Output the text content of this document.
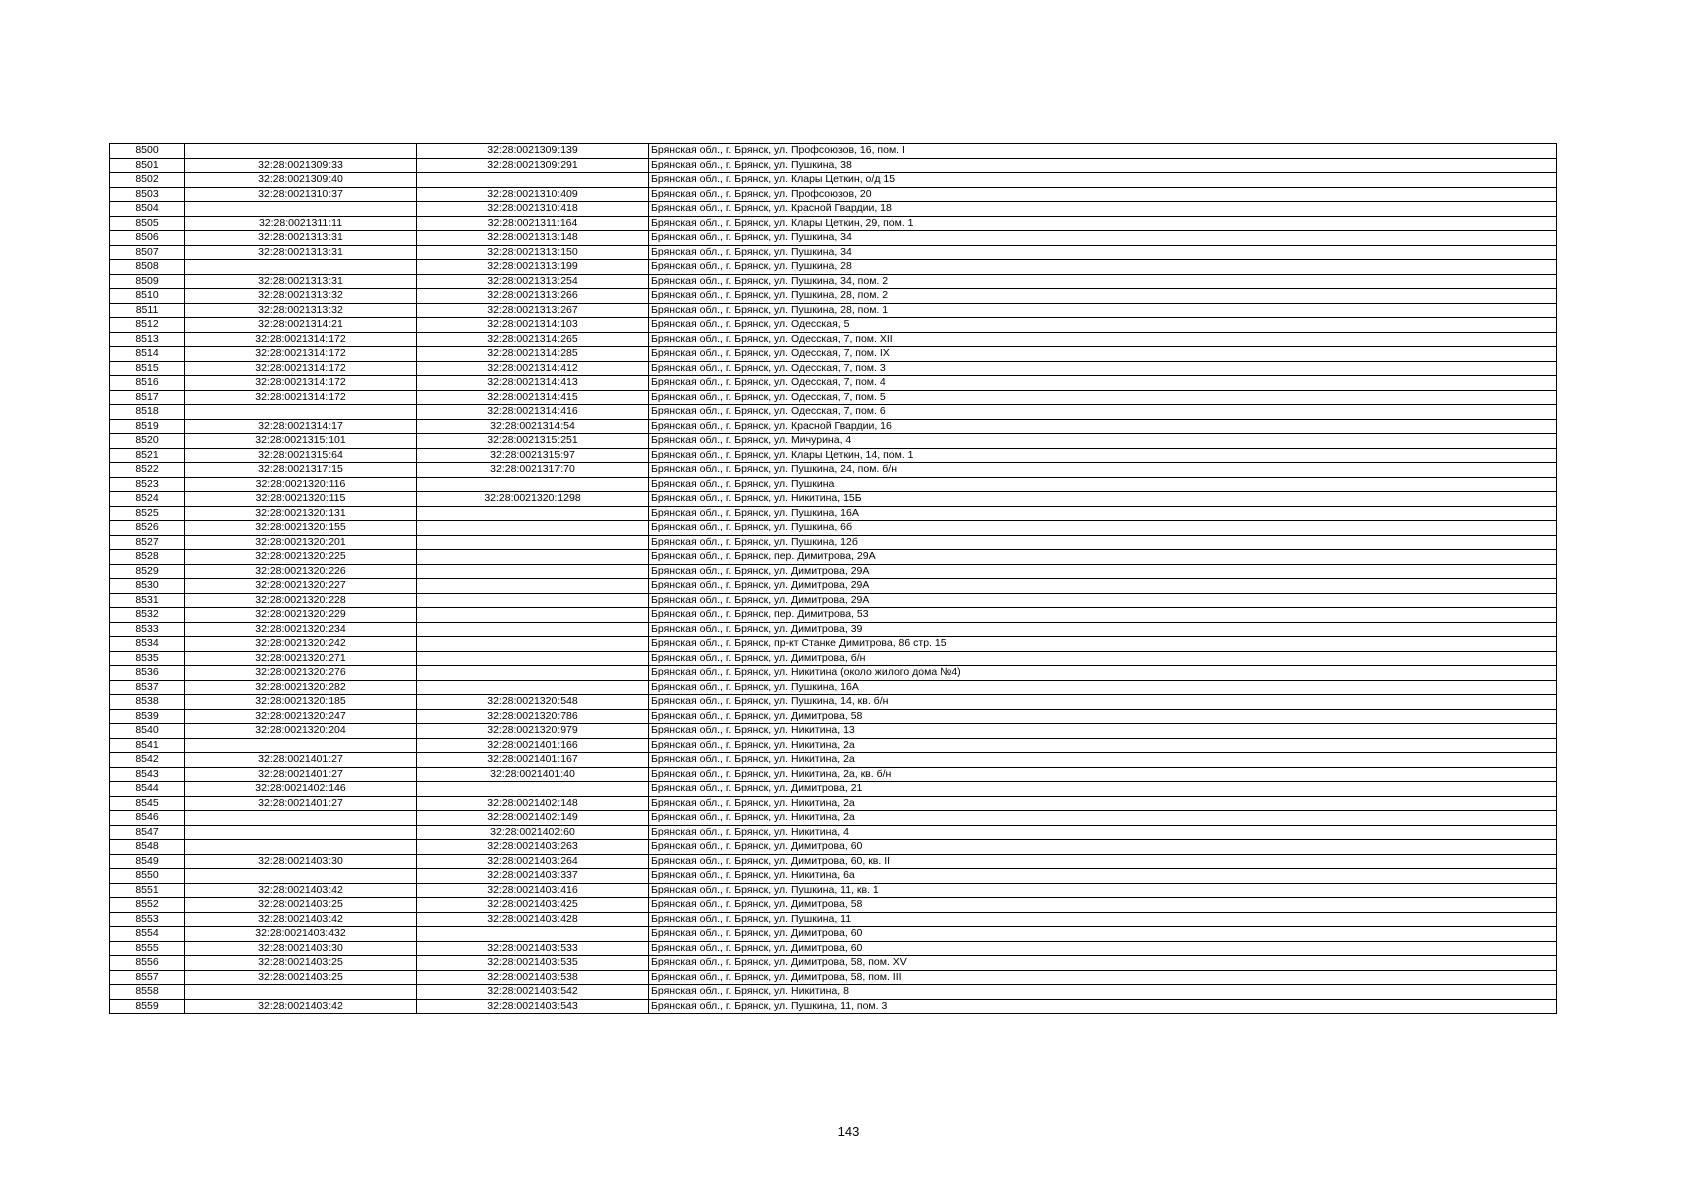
8500		32:28:0021309:139	Брянская обл., г. Брянск, ул. Профсоюзов, 16, пом. I
8501	32:28:0021309:33	32:28:0021309:291	Брянская обл., г. Брянск, ул. Пушкина, 38
8502	32:28:0021309:40		Брянская обл., г. Брянск, ул. Клары Цеткин, о/д 15
8503	32:28:0021310:37	32:28:0021310:409	Брянская обл., г. Брянск, ул. Профсоюзов, 20
8504		32:28:0021310:418	Брянская обл., г. Брянск, ул. Красной Гвардии, 18
8505	32:28:0021311:11	32:28:0021311:164	Брянская обл., г. Брянск, ул. Клары Цеткин, 29, пом. 1
8506	32:28:0021313:31	32:28:0021313:148	Брянская обл., г. Брянск, ул. Пушкина, 34
8507	32:28:0021313:31	32:28:0021313:150	Брянская обл., г. Брянск, ул. Пушкина, 34
8508		32:28:0021313:199	Брянская обл., г. Брянск, ул. Пушкина, 28
8509	32:28:0021313:31	32:28:0021313:254	Брянская обл., г. Брянск, ул. Пушкина, 34, пом. 2
8510	32:28:0021313:32	32:28:0021313:266	Брянская обл., г. Брянск, ул. Пушкина, 28, пом. 2
8511	32:28:0021313:32	32:28:0021313:267	Брянская обл., г. Брянск, ул. Пушкина, 28, пом. 1
8512	32:28:0021314:21	32:28:0021314:103	Брянская обл., г. Брянск, ул. Одесская, 5
8513	32:28:0021314:172	32:28:0021314:265	Брянская обл., г. Брянск, ул. Одесская, 7, пом. XII
8514	32:28:0021314:172	32:28:0021314:285	Брянская обл., г. Брянск, ул. Одесская, 7, пом. IX
8515	32:28:0021314:172	32:28:0021314:412	Брянская обл., г. Брянск, ул. Одесская, 7, пом. 3
8516	32:28:0021314:172	32:28:0021314:413	Брянская обл., г. Брянск, ул. Одесская, 7, пом. 4
8517	32:28:0021314:172	32:28:0021314:415	Брянская обл., г. Брянск, ул. Одесская, 7, пом. 5
8518		32:28:0021314:416	Брянская обл., г. Брянск, ул. Одесская, 7, пом. 6
8519	32:28:0021314:17	32:28:0021314:54	Брянская обл., г. Брянск, ул. Красной Гвардии, 16
8520	32:28:0021315:101	32:28:0021315:251	Брянская обл., г. Брянск, ул. Мичурина, 4
8521	32:28:0021315:64	32:28:0021315:97	Брянская обл., г. Брянск, ул. Клары Цеткин, 14, пом. 1
8522	32:28:0021317:15	32:28:0021317:70	Брянская обл., г. Брянск, ул. Пушкина, 24, пом. б/н
8523	32:28:0021320:116		Брянская обл., г. Брянск, ул. Пушкина
8524	32:28:0021320:115	32:28:0021320:1298	Брянская обл., г. Брянск, ул. Никитина, 15Б
8525	32:28:0021320:131		Брянская обл., г. Брянск, ул. Пушкина, 16А
8526	32:28:0021320:155		Брянская обл., г. Брянск, ул. Пушкина, 6б
8527	32:28:0021320:201		Брянская обл., г. Брянск, ул. Пушкина, 12б
8528	32:28:0021320:225		Брянская обл., г. Брянск, пер. Димитрова, 29А
8529	32:28:0021320:226		Брянская обл., г. Брянск, ул. Димитрова, 29А
8530	32:28:0021320:227		Брянская обл., г. Брянск, ул. Димитрова, 29А
8531	32:28:0021320:228		Брянская обл., г. Брянск, ул. Димитрова, 29А
8532	32:28:0021320:229		Брянская обл., г. Брянск, пер. Димитрова, 53
8533	32:28:0021320:234		Брянская обл., г. Брянск, ул. Димитрова, 39
8534	32:28:0021320:242		Брянская обл., г. Брянск, пр-кт Станке Димитрова, 86 стр. 15
8535	32:28:0021320:271		Брянская обл., г. Брянск, ул. Димитрова, б/н
8536	32:28:0021320:276		Брянская обл., г. Брянск, ул. Никитина (около жилого дома №4)
8537	32:28:0021320:282		Брянская обл., г. Брянск, ул. Пушкина, 16А
8538	32:28:0021320:185	32:28:0021320:548	Брянская обл., г. Брянск, ул. Пушкина, 14, кв. б/н
8539	32:28:0021320:247	32:28:0021320:786	Брянская обл., г. Брянск, ул. Димитрова, 58
8540	32:28:0021320:204	32:28:0021320:979	Брянская обл., г. Брянск, ул. Никитина, 13
8541		32:28:0021401:166	Брянская обл., г. Брянск, ул. Никитина, 2а
8542	32:28:0021401:27	32:28:0021401:167	Брянская обл., г. Брянск, ул. Никитина, 2а
8543	32:28:0021401:27	32:28:0021401:40	Брянская обл., г. Брянск, ул. Никитина, 2а, кв. б/н
8544	32:28:0021402:146		Брянская обл., г. Брянск, ул. Димитрова, 21
8545	32:28:0021401:27	32:28:0021402:148	Брянская обл., г. Брянск, ул. Никитина, 2а
8546		32:28:0021402:149	Брянская обл., г. Брянск, ул. Никитина, 2а
8547		32:28:0021402:60	Брянская обл., г. Брянск, ул. Никитина, 4
8548		32:28:0021403:263	Брянская обл., г. Брянск, ул. Димитрова, 60
8549	32:28:0021403:30	32:28:0021403:264	Брянская обл., г. Брянск, ул. Димитрова, 60, кв. II
8550		32:28:0021403:337	Брянская обл., г. Брянск, ул. Никитина, 6а
8551	32:28:0021403:42	32:28:0021403:416	Брянская обл., г. Брянск, ул. Пушкина, 11, кв. 1
8552	32:28:0021403:25	32:28:0021403:425	Брянская обл., г. Брянск, ул. Димитрова, 58
8553	32:28:0021403:42	32:28:0021403:428	Брянская обл., г. Брянск, ул. Пушкина, 11
8554	32:28:0021403:432		Брянская обл., г. Брянск, ул. Димитрова, 60
8555	32:28:0021403:30	32:28:0021403:533	Брянская обл., г. Брянск, ул. Димитрова, 60
8556	32:28:0021403:25	32:28:0021403:535	Брянская обл., г. Брянск, ул. Димитрова, 58, пом. XV
8557	32:28:0021403:25	32:28:0021403:538	Брянская обл., г. Брянск, ул. Димитрова, 58, пом. III
8558		32:28:0021403:542	Брянская обл., г. Брянск, ул. Никитина, 8
8559	32:28:0021403:42	32:28:0021403:543	Брянская обл., г. Брянск, ул. Пушкина, 11, пом. 3
143
